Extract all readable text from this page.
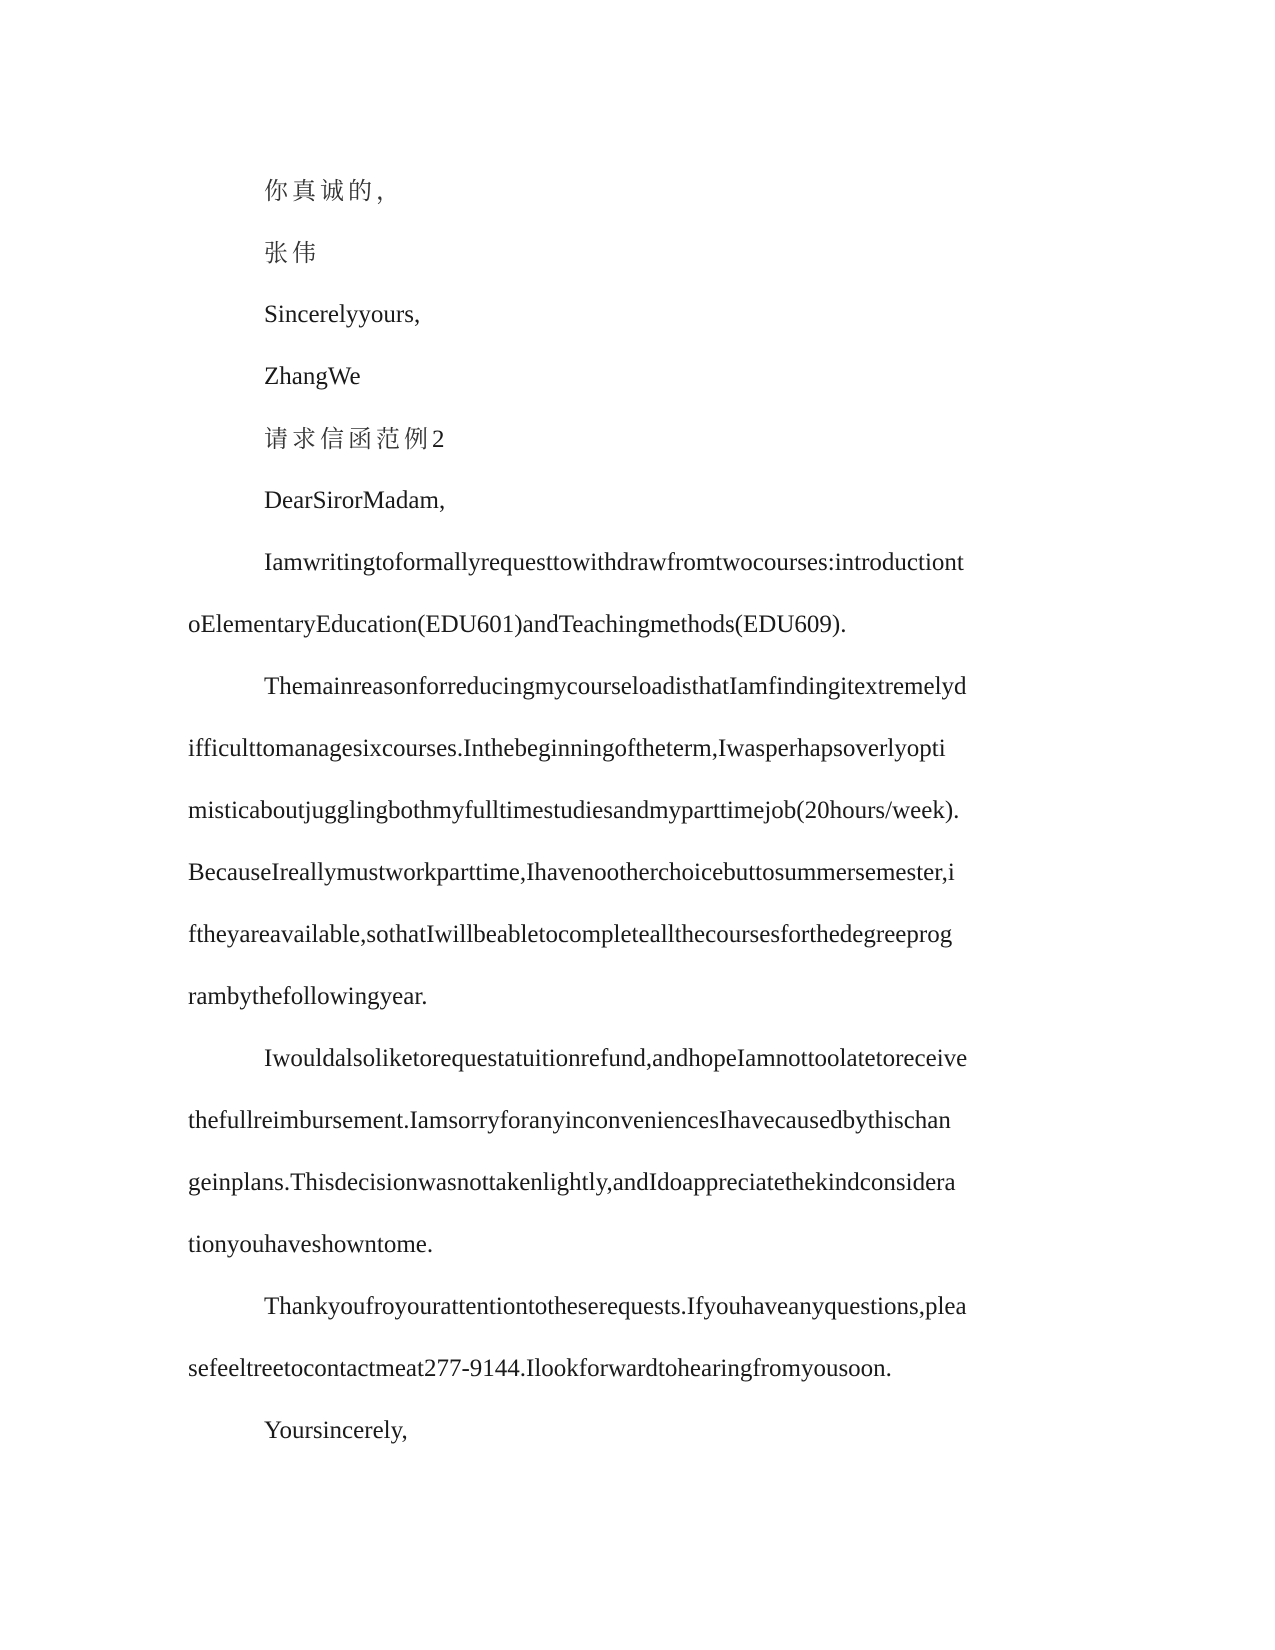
你真诚的，
张伟
Sincerelyyours,
ZhangWe
请求信函范例2
DearSirorMadam,
Iamwritingtoformallyrequesttowithdrawfromtwocourses:introductiont
oElementaryEducation(EDU601)andTeachingmethods(EDU609).
ThemainreasonforreducingmycourseloadisthatIamfindingitextremelyd
ifficulttomanagesixcourses.Inthebeginningoftheterm,Iwasperhapsoverlyopti
misticaboutjugglingbothmyfulltimestudiesandmyparttimejob(20hours/week).
BecauseIreallymustworkparttime,Ihavenootherchoicebuttosummersemester,i
ftheyareavailable,sothatIwillbeabletocompleteallthecoursesforthedegreeprog
rambythefollowingyear.
Iwouldalsoliketorequestatuitionrefund,andhopeIamnottoolatetoreceive
thefullreimbursement.IamsorryforanyinconveniencesIhavecausedbythischan
geinplans.Thisdecisionwasnottakenlightly,andIdoappreciatethekindconsidera
tionyouhaveshowntome.
Thankyoufroyourattentiontotheserequests.Ifyouhaveanyquestions,plea
sefeeltreetocontactmeat277-9144.Ilookforwardtohearingfromyousoon.
Yoursincerely,
